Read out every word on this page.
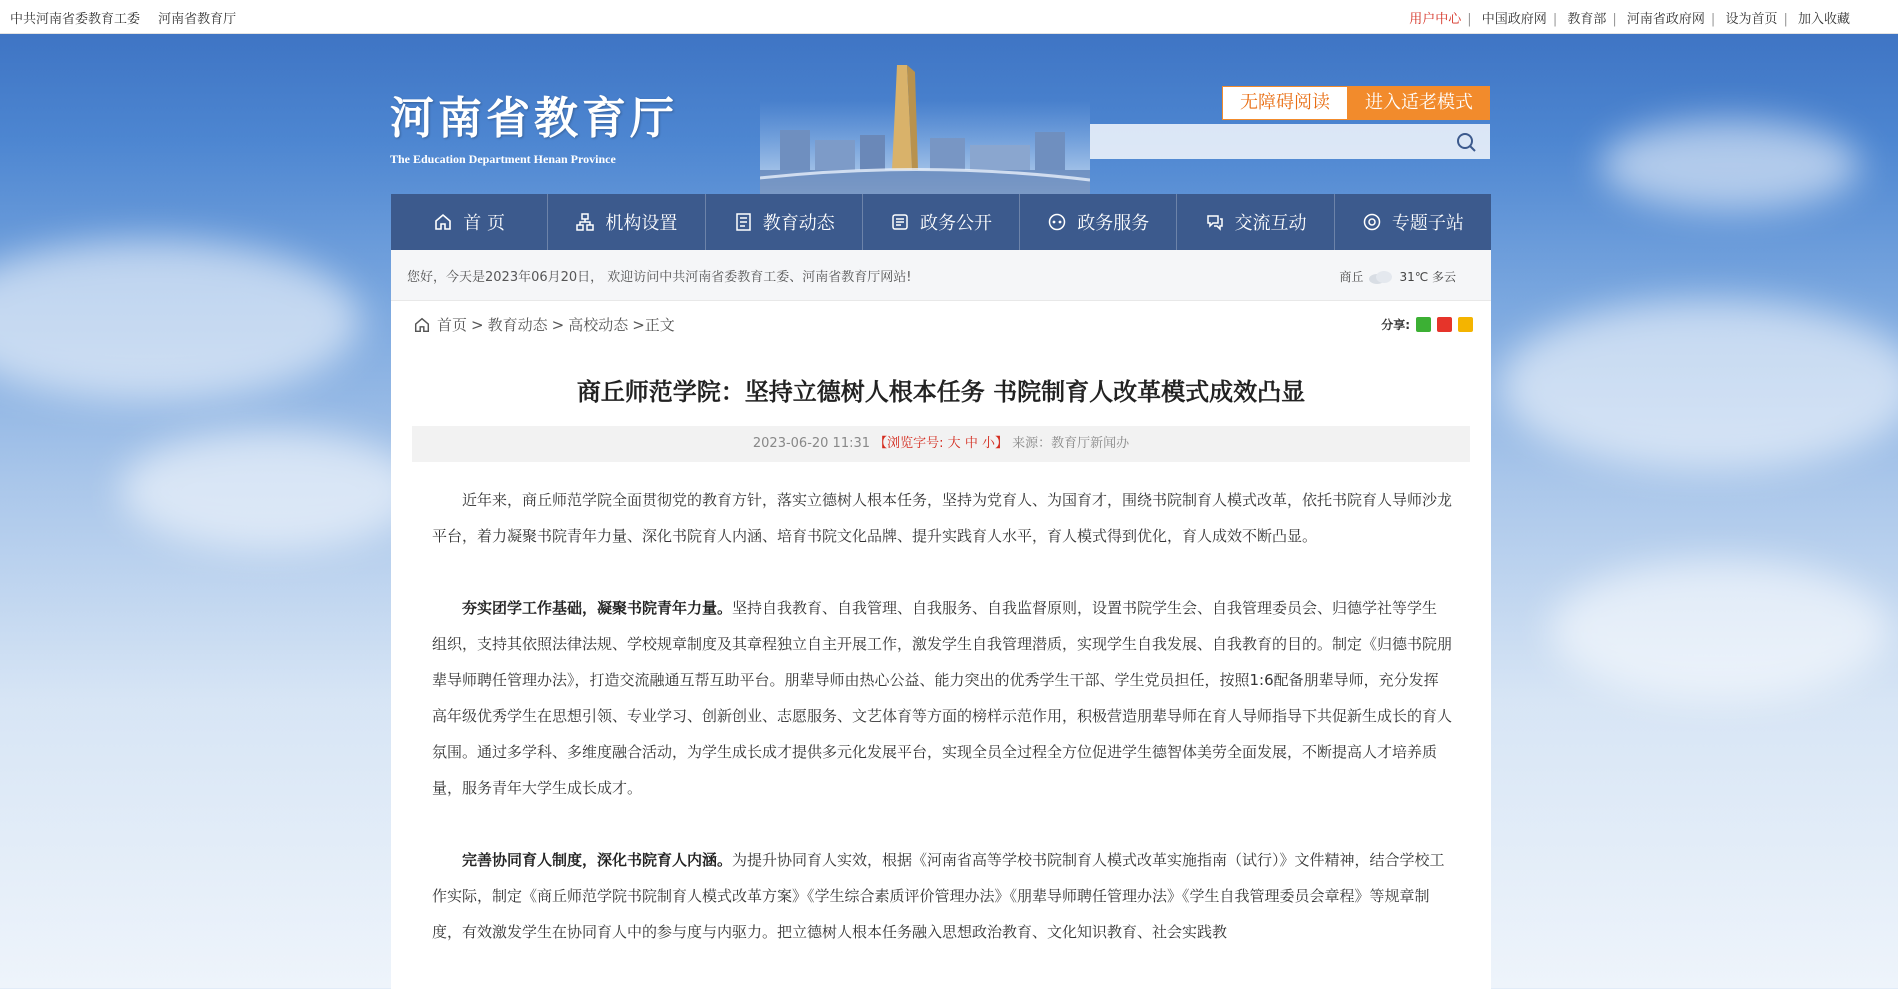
中共河南省委教育工委 河南省教育厅	用户中心 | 中国政府网 | 教育部 | 河南省政府网 | 设为首页 | 加入收藏
河南省教育厅
The Education Department Henan Province
无障碍阅读	进入适老模式
首 页	机构设置	教育动态	政务公开	政务服务	交流互动	专题子站
您好，今天是2023年06月20日， 欢迎访问中共河南省委教育工委、河南省教育厅网站!	商丘	31℃ 多云
首页 > 教育动态 > 高校动态 >正文	分享:
商丘师范学院：坚持立德树人根本任务 书院制育人改革模式成效凸显
2023-06-20 11:31 【浏览字号: 大 中 小】 来源：教育厅新闻办

近年来，商丘师范学院全面贯彻党的教育方针，落实立德树人根本任务，坚持为党育人、为国育才，围绕书院制育人模式改革，依托书院育人导师沙龙平台，着力凝聚书院青年力量、深化书院育人内涵、培育书院文化品牌、提升实践育人水平，育人模式得到优化，育人成效不断凸显。

夯实团学工作基础，凝聚书院青年力量。坚持自我教育、自我管理、自我服务、自我监督原则，设置书院学生会、自我管理委员会、归德学社等学生组织，支持其依照法律法规、学校规章制度及其章程独立自主开展工作，激发学生自我管理潜质，实现学生自我发展、自我教育的目的。制定《归德书院朋辈导师聘任管理办法》，打造交流融通互帮互助平台。朋辈导师由热心公益、能力突出的优秀学生干部、学生党员担任，按照1:6配备朋辈导师，充分发挥高年级优秀学生在思想引领、专业学习、创新创业、志愿服务、文艺体育等方面的榜样示范作用，积极营造朋辈导师在育人导师指导下共促新生成长的育人氛围。通过多学科、多维度融合活动，为学生成长成才提供多元化发展平台，实现全员全过程全方位促进学生德智体美劳全面发展，不断提高人才培养质量，服务青年大学生成长成才。

完善协同育人制度，深化书院育人内涵。为提升协同育人实效，根据《河南省高等学校书院制育人模式改革实施指南（试行）》文件精神，结合学校工作实际，制定《商丘师范学院书院制育人模式改革方案》《学生综合素质评价管理办法》《朋辈导师聘任管理办法》《学生自我管理委员会章程》等规章制度，有效激发学生在协同育人中的参与度与内驱力。把立德树人根本任务融入思想政治教育、文化知识教育、社会实践教
